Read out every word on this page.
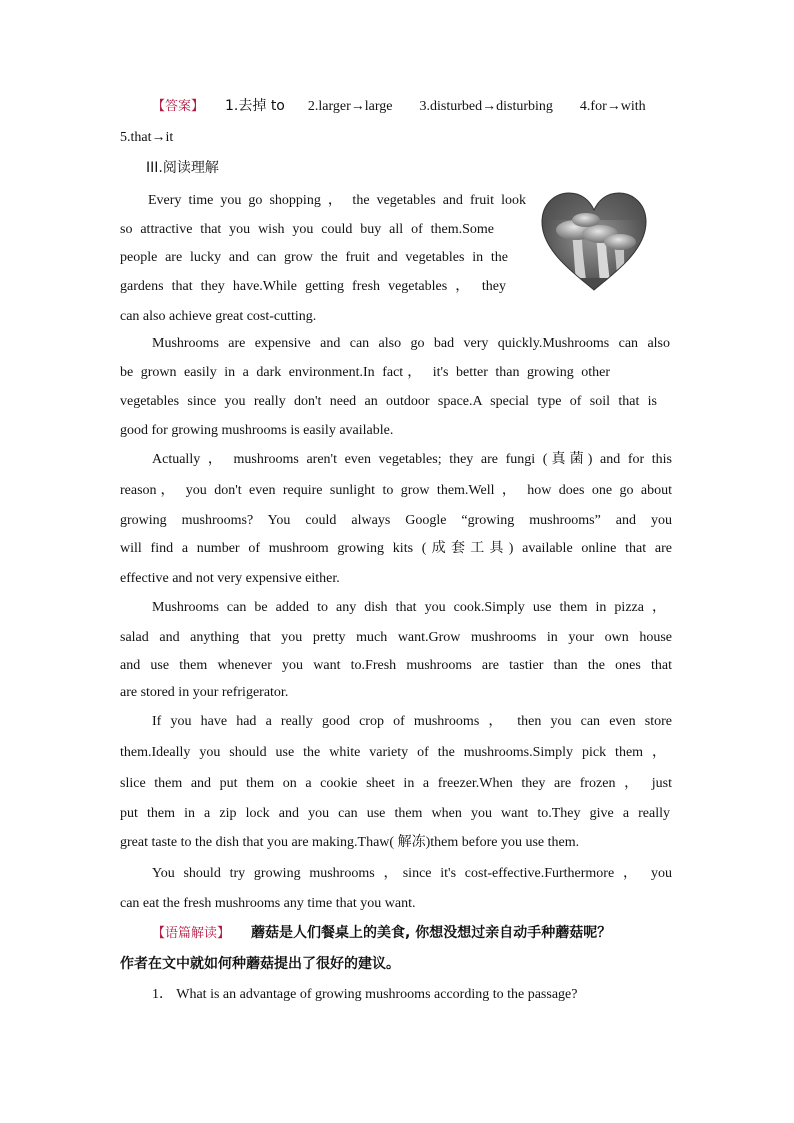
【答案】 1.去掉 to 2.larger→large 3.disturbed→disturbing 4.for→with
5.that→it
III.阅读理解
Every time you go shopping ， the vegetables and fruit look
so attractive that you wish you could buy all of them.Some
people are lucky and can grow the fruit and vegetables in the
gardens that they have.While getting fresh vegetables ， they
can also achieve great cost-cutting.
Mushrooms are expensive and can also go bad very quickly.Mushrooms can also
be grown easily in a dark environment.In fact， it's better than growing other
vegetables since you really don't need an outdoor space.A special type of soil that is
good for growing mushrooms is easily available.
Actually ， mushrooms aren't even vegetables; they are fungi (真菌) and for this
reason， you don't even require sunlight to grow them.Well ， how does one go about
growing mushrooms? You could always Google “growing mushrooms” and you
will find a number of mushroom growing kits (成套工具) available online that are
effective and not very expensive either.
Mushrooms can be added to any dish that you cook.Simply use them in pizza ，
salad and anything that you pretty much want.Grow mushrooms in your own house
and use them whenever you want to.Fresh mushrooms are tastier than the ones that
are stored in your refrigerator.
If you have had a really good crop of mushrooms ， then you can even store
them.Ideally you should use the white variety of the mushrooms.Simply pick them ，
slice them and put them on a cookie sheet in a freezer.When they are frozen ， just
put them in a zip lock and you can use them when you want to.They give a really
great taste to the dish that you are making.Thaw( 解冻)them before you use them.
You should try growing mushrooms ，since it's cost-effective.Furthermore ， you
can eat the fresh mushrooms any time that you want.
【语篇解读】 蘑菇是人们餐桌上的美食, 你想没想过亲自动手种蘑菇呢？
作者在文中就如何种蘑菇提出了很好的建议。
1． What is an advantage of growing mushrooms according to the passage?
